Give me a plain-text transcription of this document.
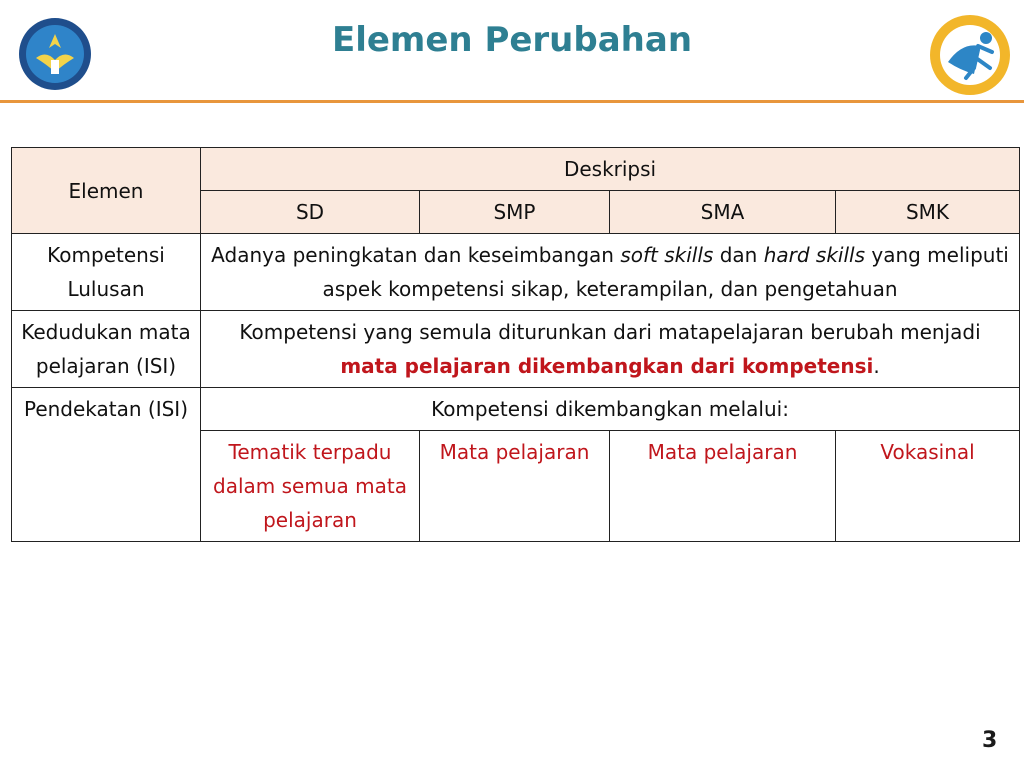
Elemen Perubahan
Elemen	Deskripsi			
	SD	SMP	SMA	SMK
Kompetensi Lulusan	Adanya peningkatan dan keseimbangan soft skills dan hard skills yang meliputi aspek kompetensi sikap, keterampilan, dan pengetahuan			
Kedudukan mata pelajaran (ISI)	Kompetensi yang semula diturunkan dari matapelajaran berubah menjadi mata pelajaran dikembangkan dari kompetensi.			
Pendekatan (ISI)	Kompetensi dikembangkan melalui:			
	Tematik terpadu dalam semua mata pelajaran	Mata pelajaran	Mata pelajaran	Vokasinal
3
